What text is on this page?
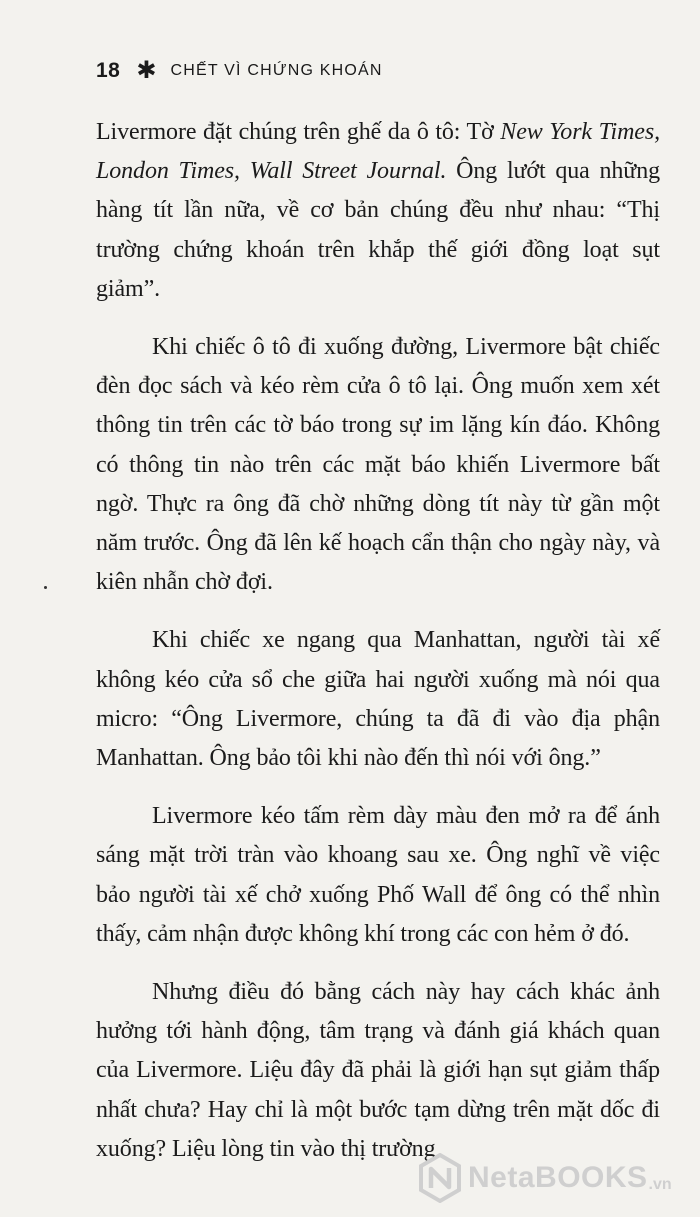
18 ✱ CHẾT VÌ CHỨNG KHOÁN

Livermore đặt chúng trên ghế da ô tô: Tờ New York Times, London Times, Wall Street Journal. Ông lướt qua những hàng tít lần nữa, về cơ bản chúng đều như nhau: “Thị trường chứng khoán trên khắp thế giới đồng loạt sụt giảm”.

Khi chiếc ô tô đi xuống đường, Livermore bật chiếc đèn đọc sách và kéo rèm cửa ô tô lại. Ông muốn xem xét thông tin trên các tờ báo trong sự im lặng kín đáo. Không có thông tin nào trên các mặt báo khiến Livermore bất ngờ. Thực ra ông đã chờ những dòng tít này từ gần một năm trước. Ông đã lên kế hoạch cẩn thận cho ngày này, và kiên nhẫn chờ đợi.

Khi chiếc xe ngang qua Manhattan, người tài xế không kéo cửa sổ che giữa hai người xuống mà nói qua micro: “Ông Livermore, chúng ta đã đi vào địa phận Manhattan. Ông bảo tôi khi nào đến thì nói với ông.”

Livermore kéo tấm rèm dày màu đen mở ra để ánh sáng mặt trời tràn vào khoang sau xe. Ông nghĩ về việc bảo người tài xế chở xuống Phố Wall để ông có thể nhìn thấy, cảm nhận được không khí trong các con hẻm ở đó.

Nhưng điều đó bằng cách này hay cách khác ảnh hưởng tới hành động, tâm trạng và đánh giá khách quan của Livermore. Liệu đây đã phải là giới hạn sụt giảm thấp nhất chưa? Hay chỉ là một bước tạm dừng trên mặt dốc đi xuống? Liệu lòng tin vào thị trường

NetaBOOKS .vn
